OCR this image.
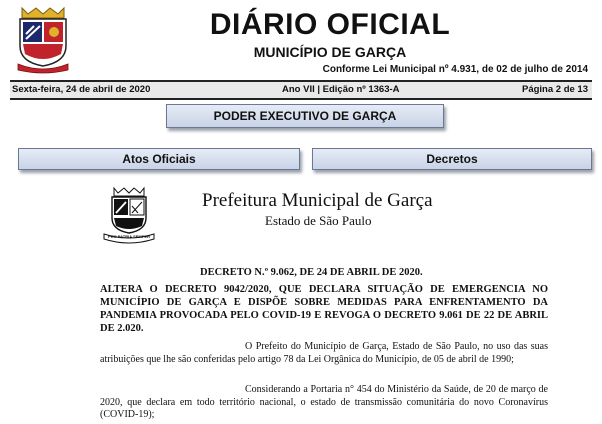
DIÁRIO OFICIAL
MUNICÍPIO DE GARÇA
Conforme Lei Municipal nº 4.931, de 02 de julho de 2014
Sexta-feira, 24 de abril de 2020	Ano VII | Edição nº 1363-A	Página 2 de 13
PODER EXECUTIVO DE GARÇA
Atos Oficiais	Decretos
PRO PATRIA SEMPER
Prefeitura Municipal de Garça
Estado de São Paulo
DECRETO N.º 9.062, DE 24 DE ABRIL DE 2020.
ALTERA O DECRETO 9042/2020, QUE DECLARA SITUAÇÃO DE EMERGENCIA NO MUNICÍPIO DE GARÇA E DISPÕE SOBRE MEDIDAS PARA ENFRENTAMENTO DA PANDEMIA PROVOCADA PELO COVID-19 E REVOGA O DECRETO 9.061 DE 22 DE ABRIL DE 2.020.
O Prefeito do Município de Garça, Estado de São Paulo, no uso das suas atribuições que lhe são conferidas pelo artigo 78 da Lei Orgânica do Município, de 05 de abril de 1990;
Considerando a Portaria n° 454 do Ministério da Saúde, de 20 de março de 2020, que declara em todo território nacional, o estado de transmissão comunitária do novo Coronavírus (COVID-19);
